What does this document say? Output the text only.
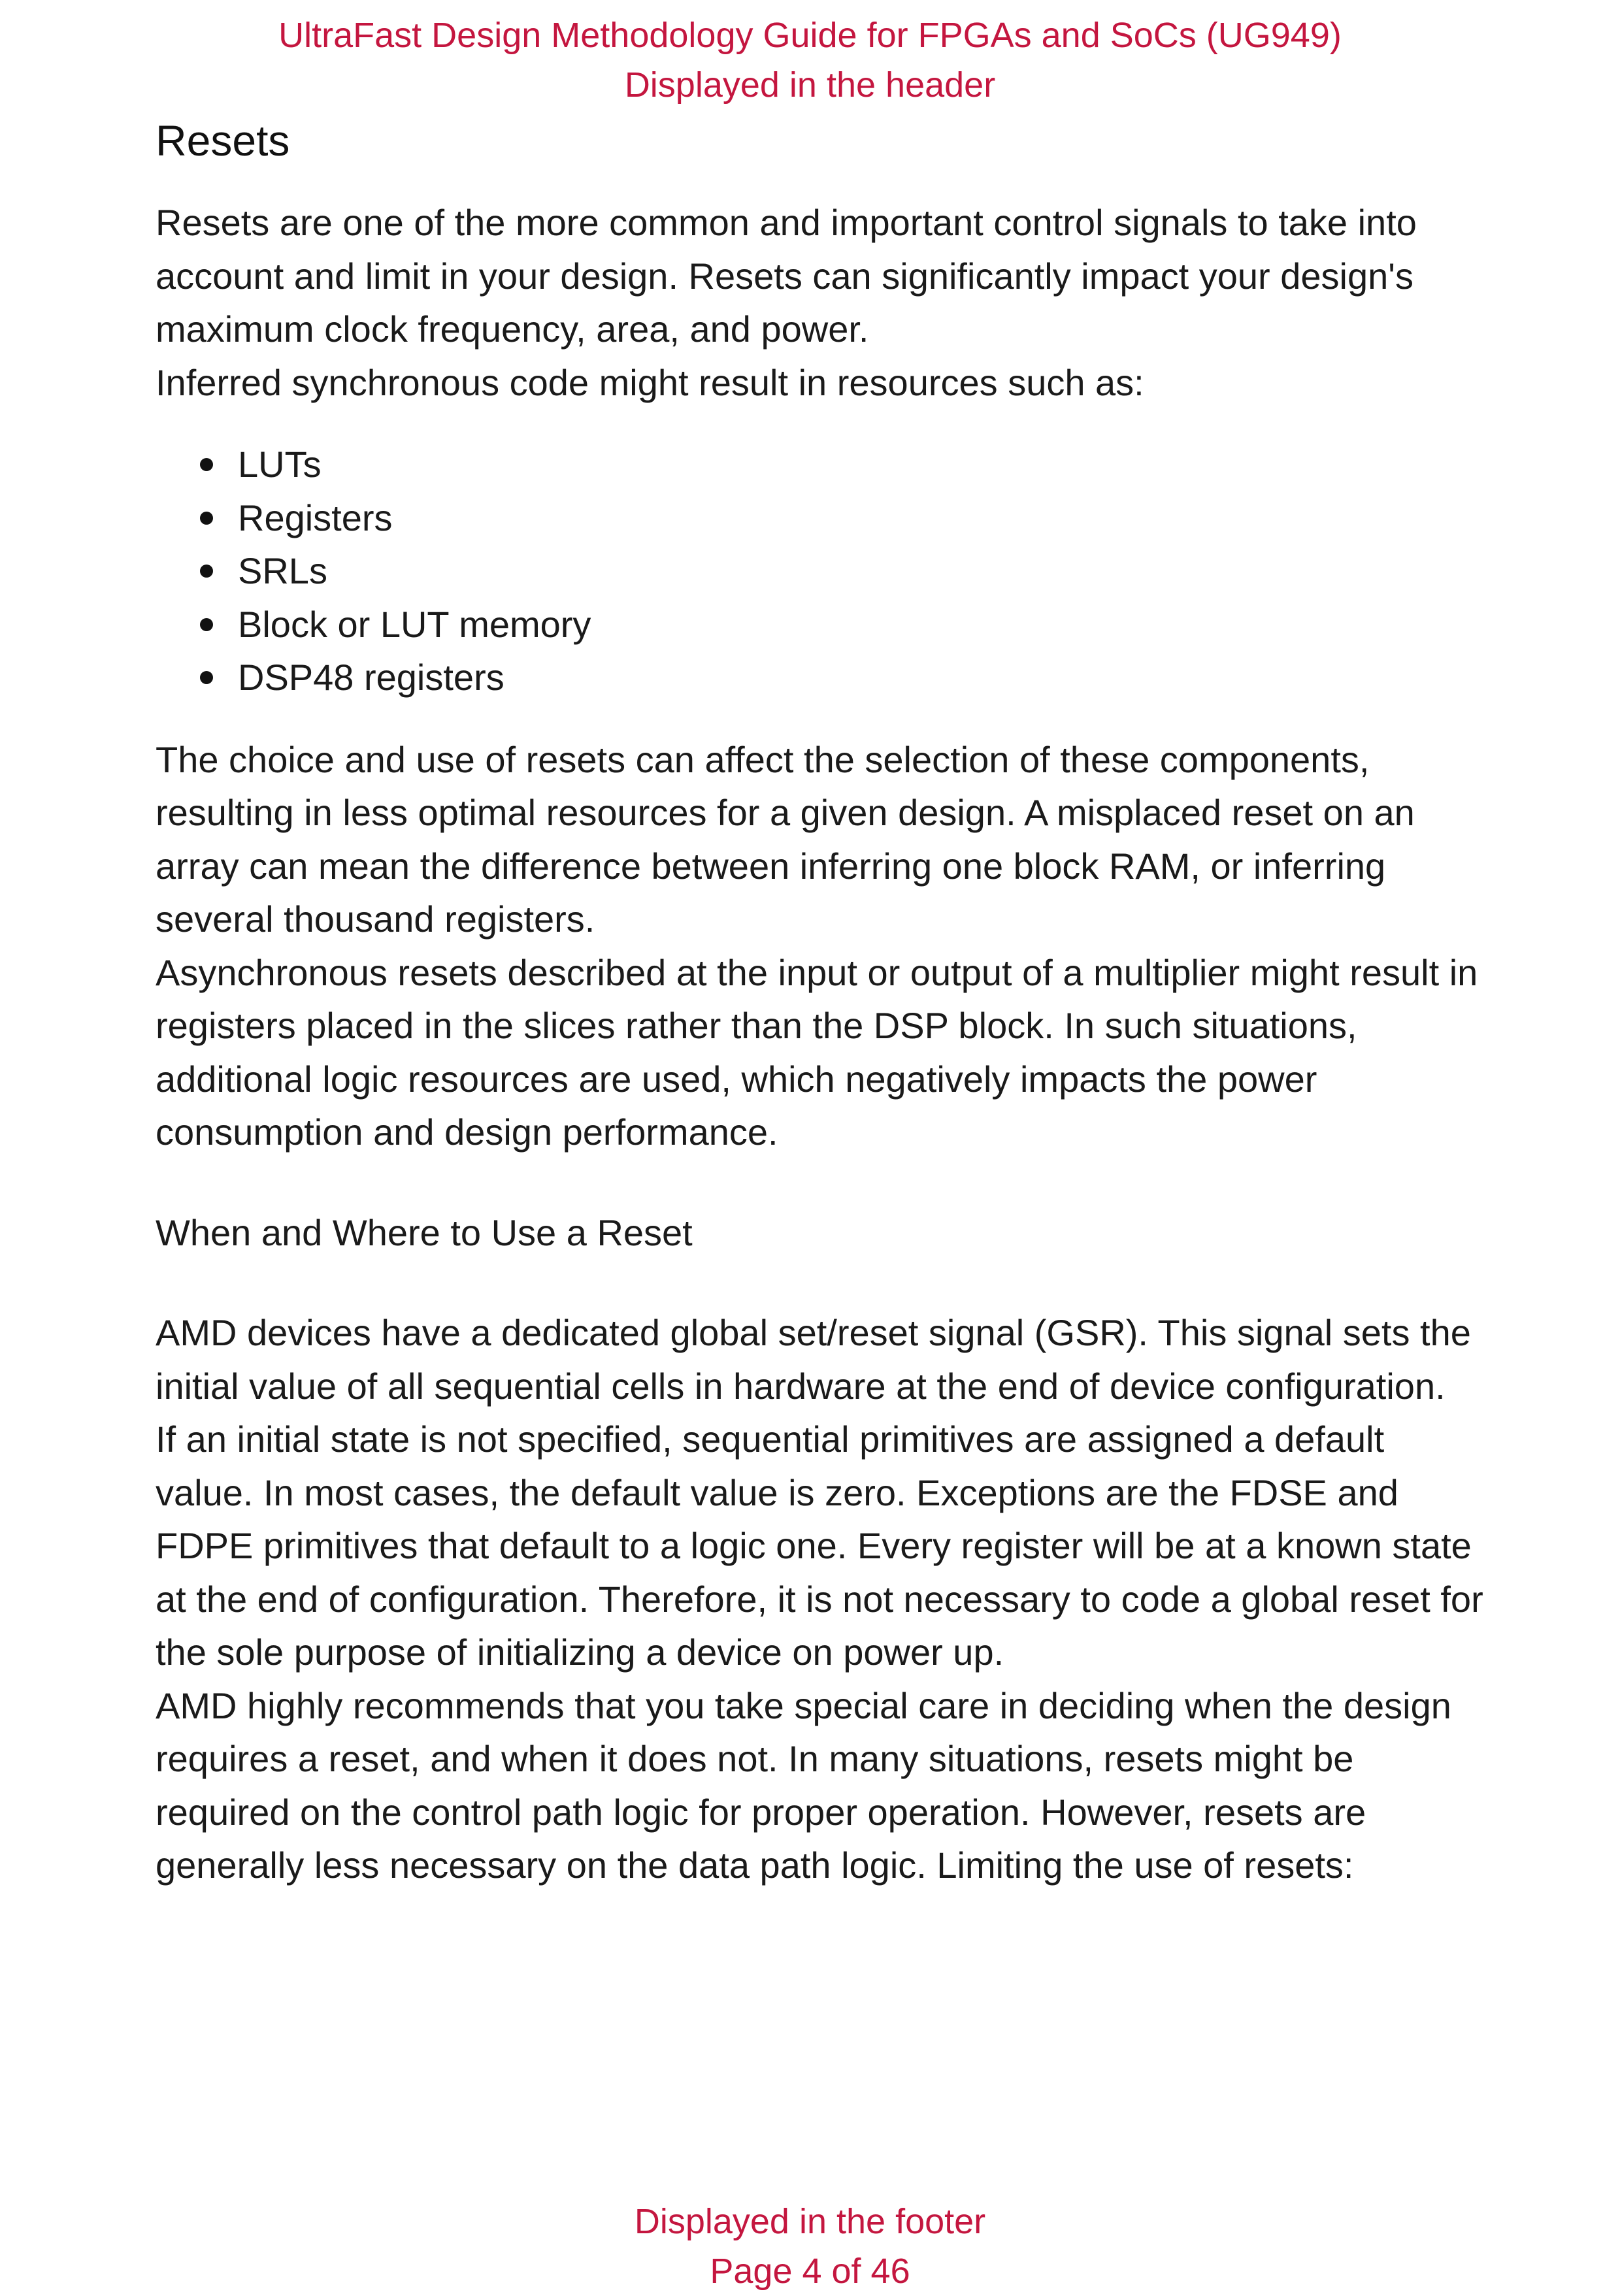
UltraFast Design Methodology Guide for FPGAs and SoCs (UG949)
Displayed in the header
Resets

Resets are one of the more common and important control signals to take into account and limit in your design. Resets can significantly impact your design's maximum clock frequency, area, and power.

Inferred synchronous code might result in resources such as:

LUTs
Registers
SRLs
Block or LUT memory
DSP48 registers

The choice and use of resets can affect the selection of these components, resulting in less optimal resources for a given design. A misplaced reset on an array can mean the difference between inferring one block RAM, or inferring several thousand registers.

Asynchronous resets described at the input or output of a multiplier might result in registers placed in the slices rather than the DSP block. In such situations, additional logic resources are used, which negatively impacts the power consumption and design performance.

When and Where to Use a Reset

AMD devices have a dedicated global set/reset signal (GSR). This signal sets the initial value of all sequential cells in hardware at the end of device configuration.

If an initial state is not specified, sequential primitives are assigned a default value. In most cases, the default value is zero. Exceptions are the FDSE and FDPE primitives that default to a logic one. Every register will be at a known state at the end of configuration. Therefore, it is not necessary to code a global reset for the sole purpose of initializing a device on power up.

AMD highly recommends that you take special care in deciding when the design requires a reset, and when it does not. In many situations, resets might be required on the control path logic for proper operation. However, resets are generally less necessary on the data path logic. Limiting the use of resets:

Displayed in the footer
Page 4 of 46
